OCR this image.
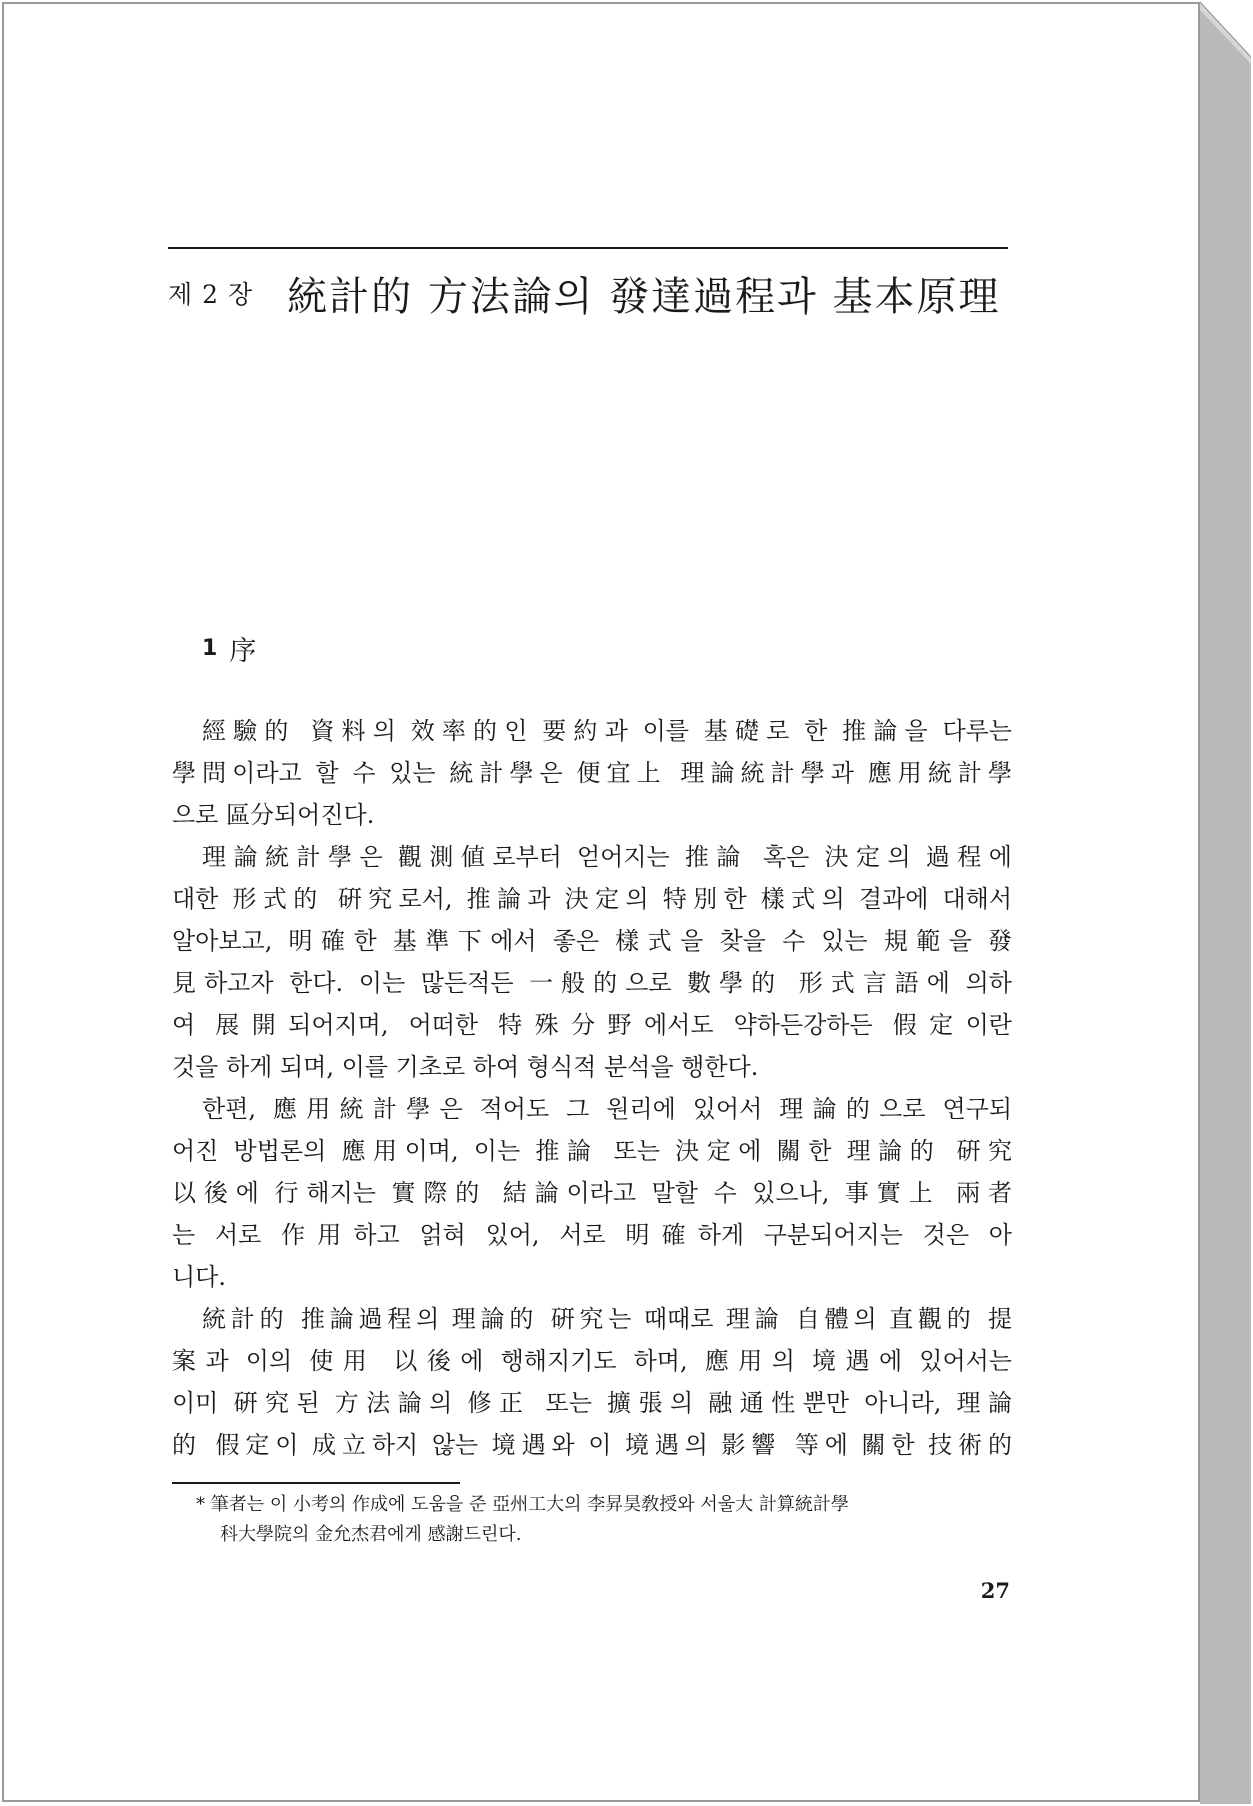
제 2 장 統計的 方法論의 發達過程과 基本原理
1 序
經驗的 資料의 效率的인 要約과 이를 基礎로 한 推論을 다루는
學問이라고 할 수 있는 統計學은 便宜上 理論統計學과 應用統計學
으로 區分되어진다.
理論統計學은 觀測値로부터 얻어지는 推論 혹은 決定의 過程에
대한 形式的 硏究로서, 推論과 決定의 特別한 樣式의 결과에 대해서
알아보고, 明確한 基準下에서 좋은 樣式을 찾을 수 있는 規範을 發
見하고자 한다. 이는 많든적든 一般的으로 數學的 形式言語에 의하
여 展開되어지며, 어떠한 特殊分野에서도 약하든강하든 假定이란
것을 하게 되며, 이를 기초로 하여 형식적 분석을 행한다.
한편, 應用統計學은 적어도 그 원리에 있어서 理論的으로 연구되
어진 방법론의 應用이며, 이는 推論 또는 決定에 關한 理論的 硏究
以後에 行해지는 實際的 結論이라고 말할 수 있으나, 事實上 兩者
는 서로 作用하고 얽혀 있어, 서로 明確하게 구분되어지는 것은 아
니다.
統計的 推論過程의 理論的 硏究는 때때로 理論 自體의 直觀的 提
案과 이의 使用 以後에 행해지기도 하며, 應用의 境遇에 있어서는
이미 硏究된 方法論의 修正 또는 擴張의 融通性뿐만 아니라, 理論
的 假定이 成立하지 않는 境遇와 이 境遇의 影響 等에 關한 技術的
* 筆者는 이 小考의 作成에 도움을 준 亞州工大의 李昇昊敎授와 서울大 計算統計學
科大學院의 金允杰君에게 感謝드린다.
27
